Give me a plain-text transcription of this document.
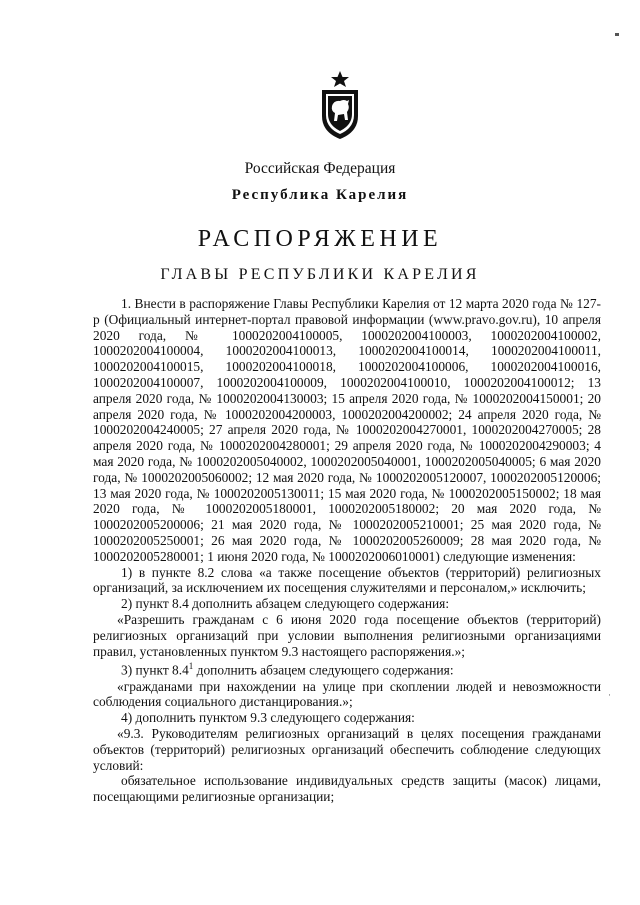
Российская Федерация
Республика Карелия
РАСПОРЯЖЕНИЕ
ГЛАВЫ РЕСПУБЛИКИ КАРЕЛИЯ

1. Внести в распоряжение Главы Республики Карелия от 12 марта 2020 года № 127-р (Официальный интернет-портал правовой информации (www.pravo.gov.ru), 10 апреля 2020 года, № 1000202004100005, 1000202004100003, 1000202004100002, 1000202004100004, 1000202004100013, 1000202004100014, 1000202004100011, 1000202004100015, 1000202004100018, 1000202004100006, 1000202004100016, 1000202004100007, 1000202004100009, 1000202004100010, 1000202004100012; 13 апреля 2020 года, № 1000202004130003; 15 апреля 2020 года, № 1000202004150001; 20 апреля 2020 года, № 1000202004200003, 1000202004200002; 24 апреля 2020 года, № 1000202004240005; 27 апреля 2020 года, № 1000202004270001, 1000202004270005; 28 апреля 2020 года, № 1000202004280001; 29 апреля 2020 года, № 1000202004290003; 4 мая 2020 года, № 1000202005040002, 1000202005040001, 1000202005040005; 6 мая 2020 года, № 1000202005060002; 12 мая 2020 года, № 1000202005120007, 1000202005120006; 13 мая 2020 года, № 1000202005130011; 15 мая 2020 года, № 1000202005150002; 18 мая 2020 года, № 1000202005180001, 1000202005180002; 20 мая 2020 года, № 1000202005200006; 21 мая 2020 года, № 1000202005210001; 25 мая 2020 года, № 1000202005250001; 26 мая 2020 года, № 1000202005260009; 28 мая 2020 года, № 1000202005280001; 1 июня 2020 года, № 1000202006010001) следующие изменения:

1) в пункте 8.2 слова «а также посещение объектов (территорий) религиозных организаций, за исключением их посещения служителями и персоналом,» исключить;

2) пункт 8.4 дополнить абзацем следующего содержания:

«Разрешить гражданам с 6 июня 2020 года посещение объектов (территорий) религиозных организаций при условии выполнения религиозными организациями правил, установленных пунктом 9.3 настоящего распоряжения.»;

3) пункт $8.4^1$ дополнить абзацем следующего содержания:

«гражданами при нахождении на улице при скоплении людей и невозможности соблюдения социального дистанцирования.»;

4) дополнить пунктом 9.3 следующего содержания:

«9.3. Руководителям религиозных организаций в целях посещения гражданами объектов (территорий) религиозных организаций обеспечить соблюдение следующих условий:

обязательное использование индивидуальных средств защиты (масок) лицами, посещающими религиозные организации;

·
